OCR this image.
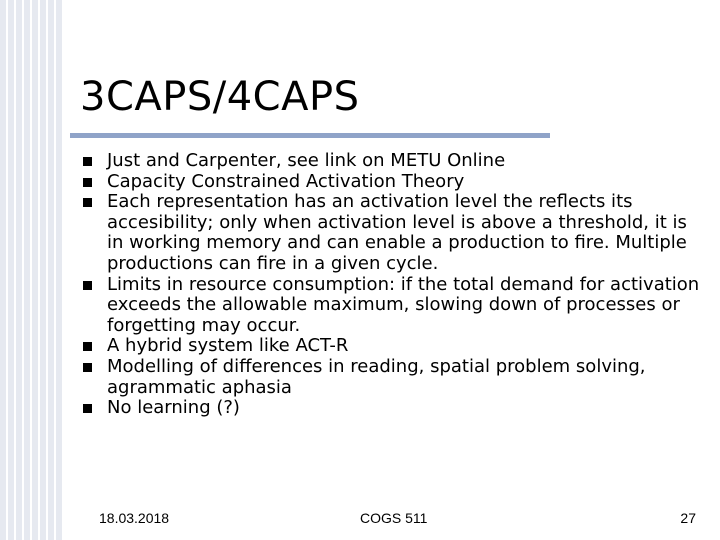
3CAPS/4CAPS
Just and Carpenter, see link on METU Online
Capacity Constrained Activation Theory
Each representation has an activation level the reflects its accesibility; only when activation level is above a threshold, it is in working memory and can enable a production to fire. Multiple productions can fire in a given cycle.
Limits in resource consumption: if the total demand for activation exceeds the allowable maximum, slowing down of processes or forgetting may occur.
A hybrid system like ACT-R
Modelling of differences in reading, spatial problem solving, agrammatic aphasia
No learning (?)
18.03.2018	COGS 511	27
